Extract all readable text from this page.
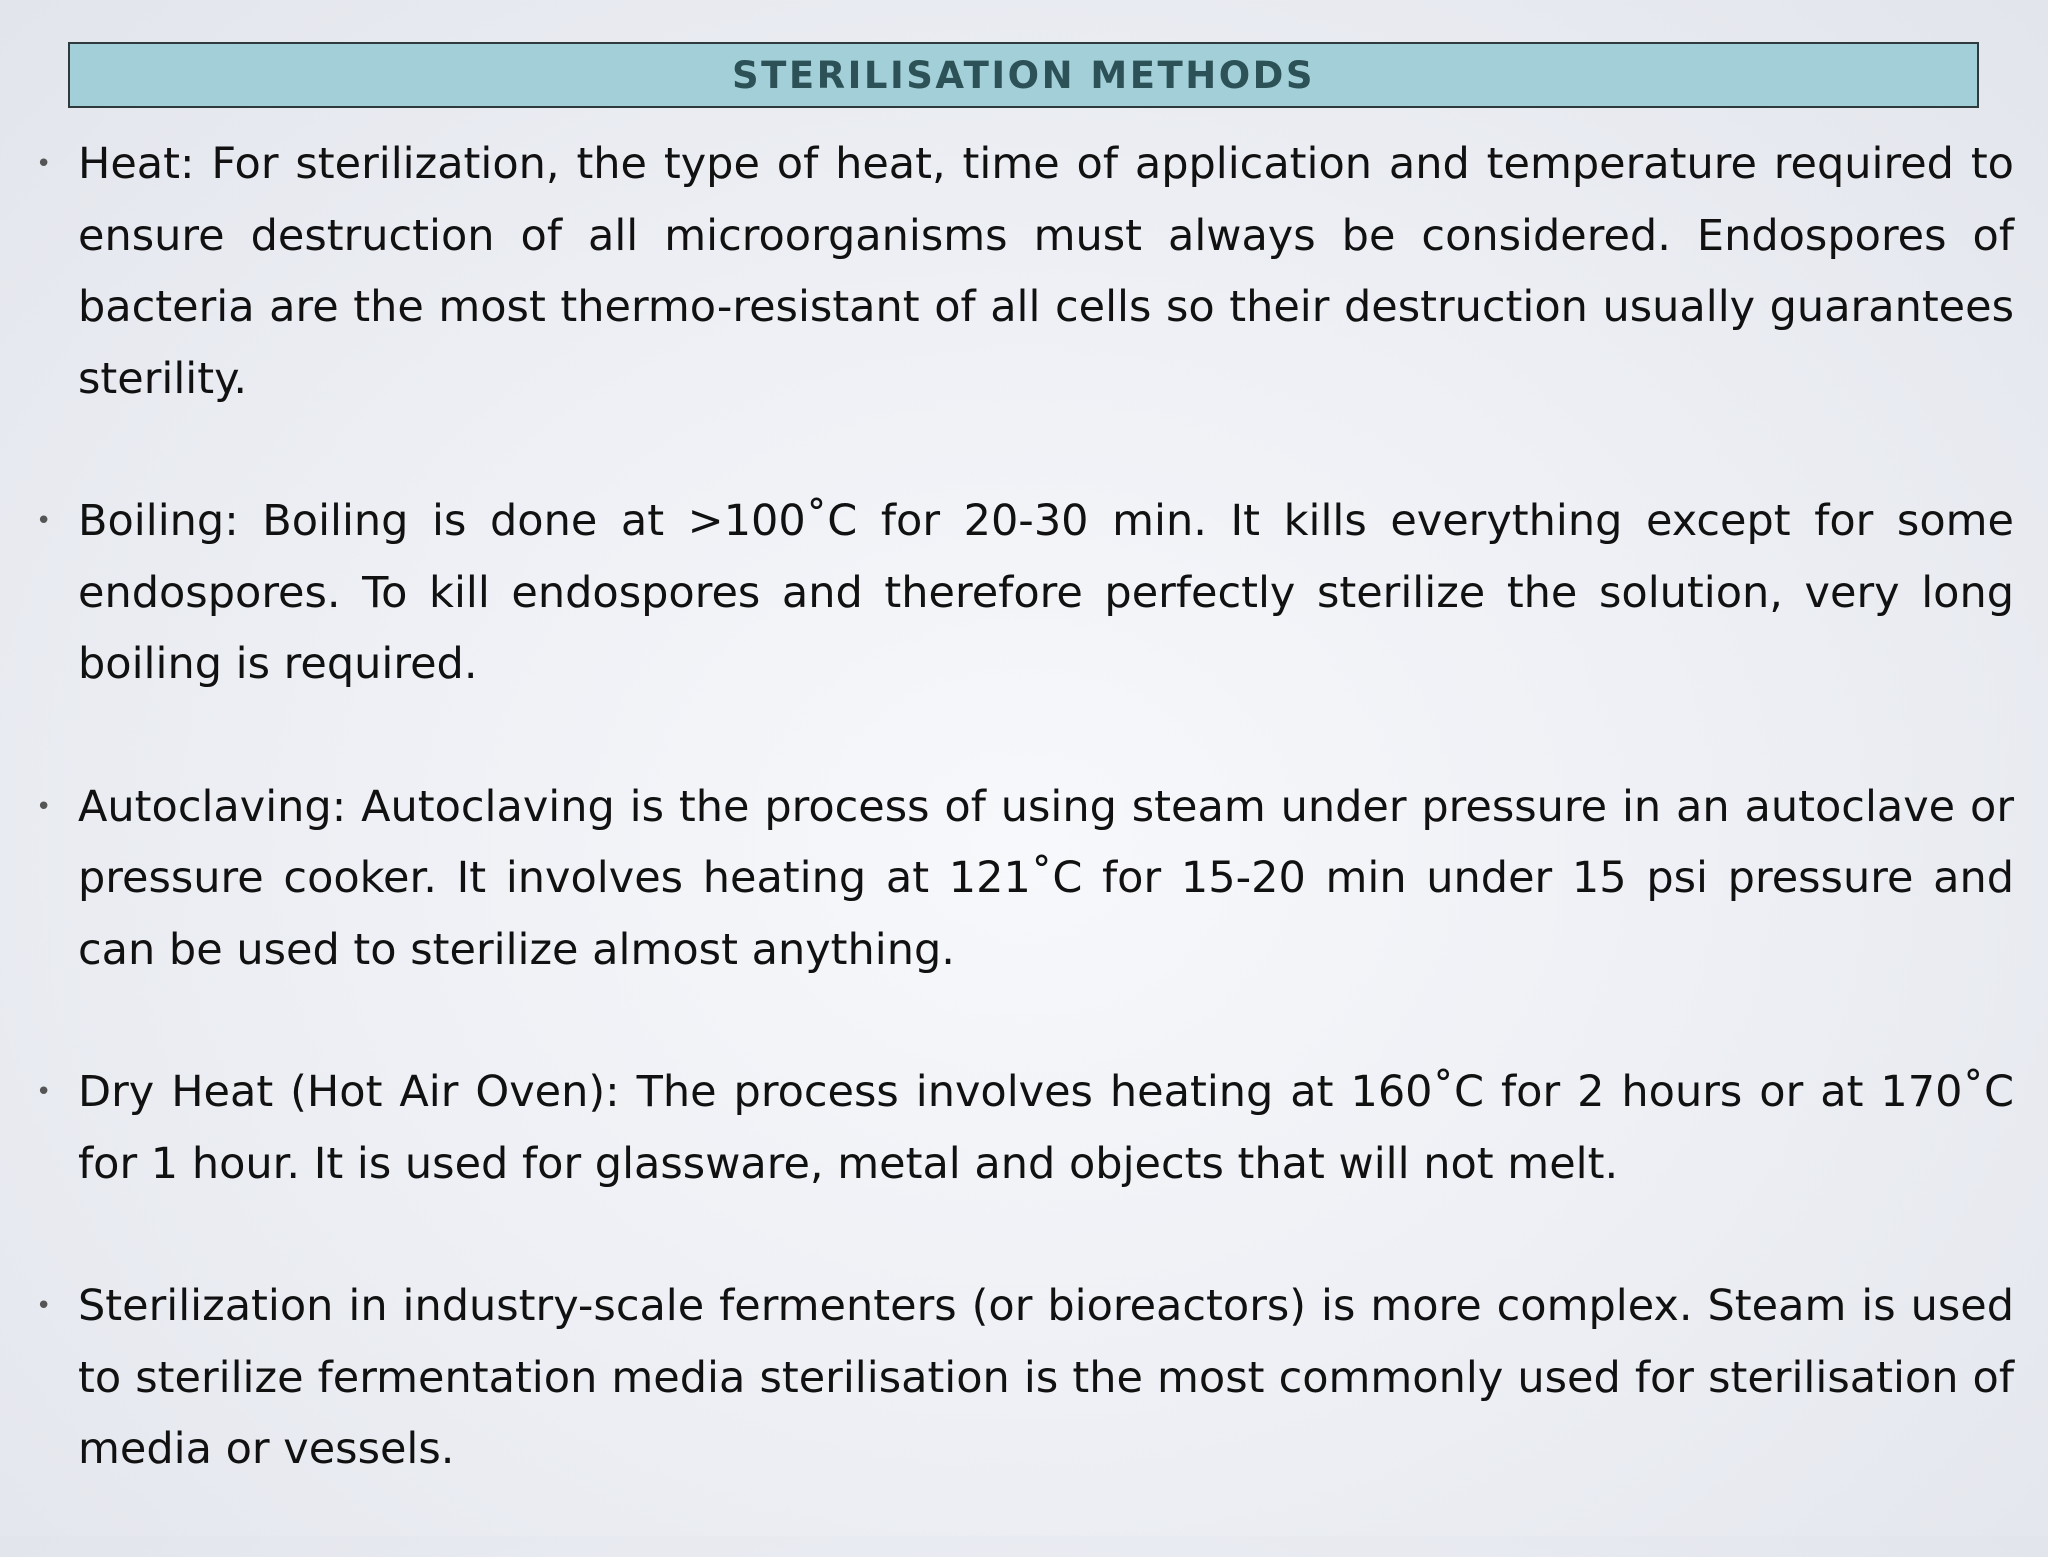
STERILISATION METHODS
• Heat: For sterilization, the type of heat, time of application and temperature required to ensure destruction of all microorganisms must always be considered. Endospores of bacteria are the most thermo-resistant of all cells so their destruction usually guarantees sterility.
• Boiling: Boiling is done at >100˚C for 20-30 min. It kills everything except for some endospores. To kill endospores and therefore perfectly sterilize the solution, very long boiling is required.
• Autoclaving: Autoclaving is the process of using steam under pressure in an autoclave or pressure cooker. It involves heating at 121˚C for 15-20 min under 15 psi pressure and can be used to sterilize almost anything.
• Dry Heat (Hot Air Oven): The process involves heating at 160˚C for 2 hours or at 170˚C for 1 hour. It is used for glassware, metal and objects that will not melt.
• Sterilization in industry-scale fermenters (or bioreactors) is more complex. Steam is used to sterilize fermentation media sterilisation is the most commonly used for sterilisation of media or vessels.
